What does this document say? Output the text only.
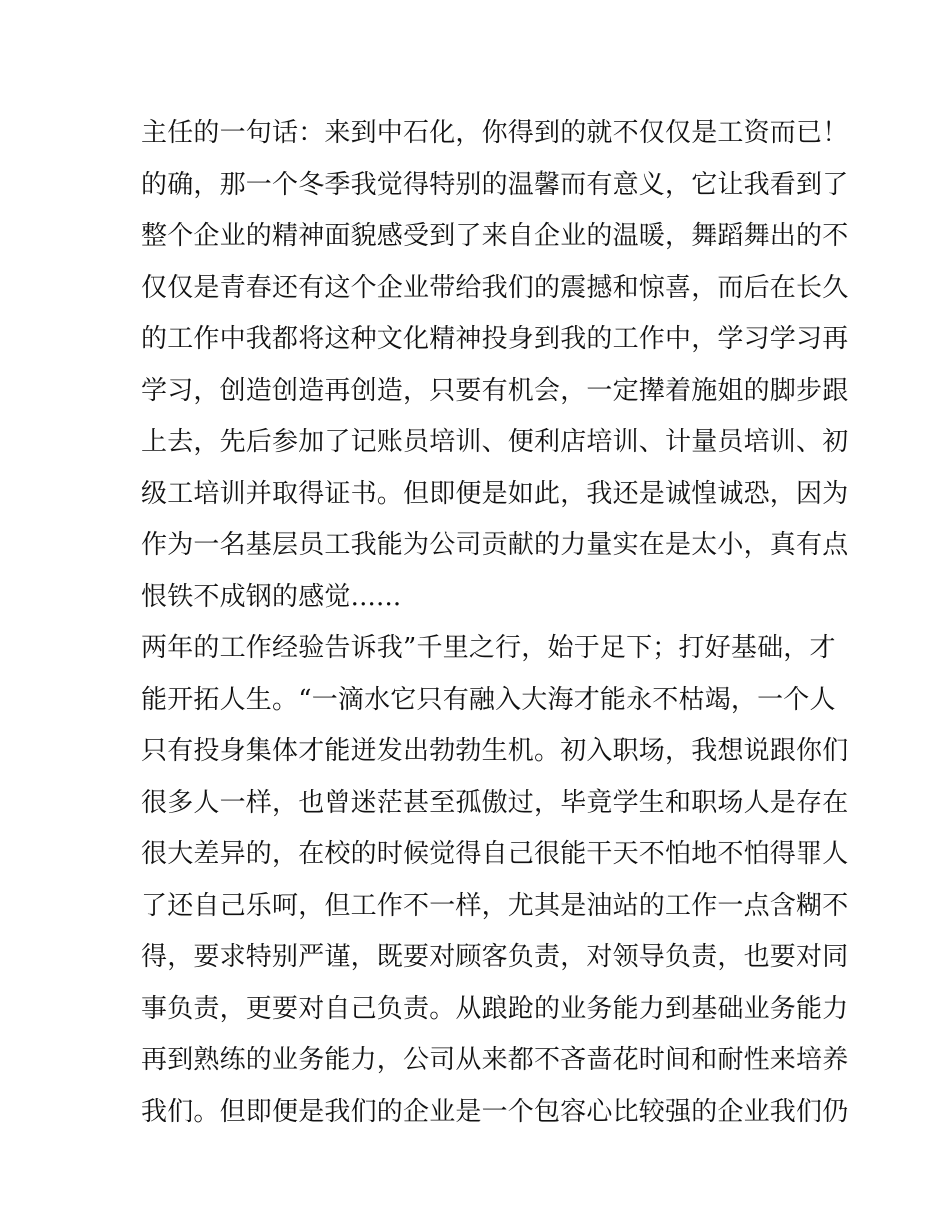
主任的一句话：来到中石化，你得到的就不仅仅是工资而已！
的确，那一个冬季我觉得特别的温馨而有意义，它让我看到了
整个企业的精神面貌感受到了来自企业的温暖，舞蹈舞出的不
仅仅是青春还有这个企业带给我们的震撼和惊喜，而后在长久
的工作中我都将这种文化精神投身到我的工作中，学习学习再
学习，创造创造再创造，只要有机会，一定撵着施姐的脚步跟
上去，先后参加了记账员培训、便利店培训、计量员培训、初
级工培训并取得证书。但即便是如此，我还是诚惶诚恐，因为
作为一名基层员工我能为公司贡献的力量实在是太小，真有点
恨铁不成钢的感觉......
两年的工作经验告诉我”千里之行，始于足下；打好基础，才
能开拓人生。“一滴水它只有融入大海才能永不枯竭，一个人
只有投身集体才能迸发出勃勃生机。初入职场，我想说跟你们
很多人一样，也曾迷茫甚至孤傲过，毕竟学生和职场人是存在
很大差异的，在校的时候觉得自己很能干天不怕地不怕得罪人
了还自己乐呵，但工作不一样，尤其是油站的工作一点含糊不
得，要求特别严谨，既要对顾客负责，对领导负责，也要对同
事负责，更要对自己负责。从踉跄的业务能力到基础业务能力
再到熟练的业务能力，公司从来都不吝啬花时间和耐性来培养
我们。但即便是我们的企业是一个包容心比较强的企业我们仍
